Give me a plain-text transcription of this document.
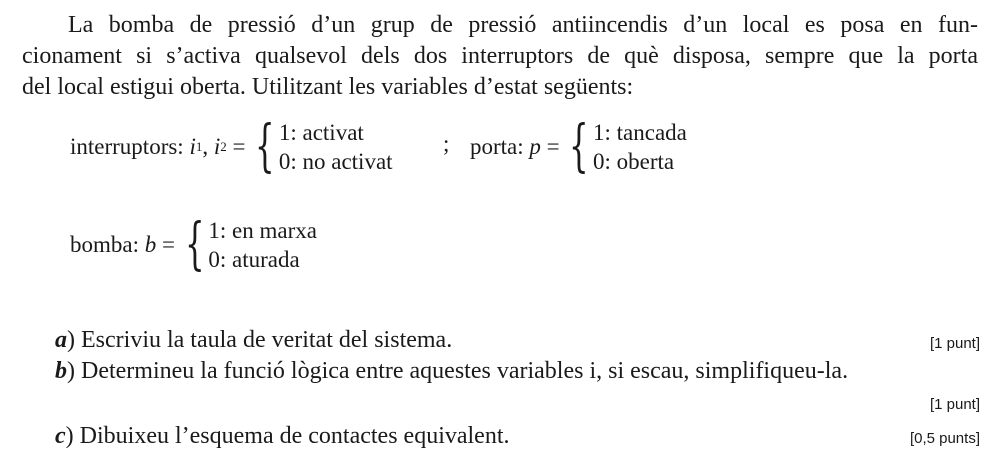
La bomba de pressió d’un grup de pressió antiincendis d’un local es posa en fun-
cionament si s’activa qualsevol dels dos interruptors de què disposa, sempre que la porta
del local estigui oberta. Utilitzant les variables d’estat següents:
interruptors:
i 1 ,
i 2
=
{ 1: activat
0: no activat
; porta:
p
=
{ 1: tancada
0: oberta
bomba:
b
=
{ 1: en marxa
0: aturada
a) Escriviu la taula de veritat del sistema.	[1 punt]
b) Determineu la funció lògica entre aquestes variables i, si escau, simplifiqueu-la.
[1 punt]
c) Dibuixeu l’esquema de contactes equivalent.	[0,5 punts]
